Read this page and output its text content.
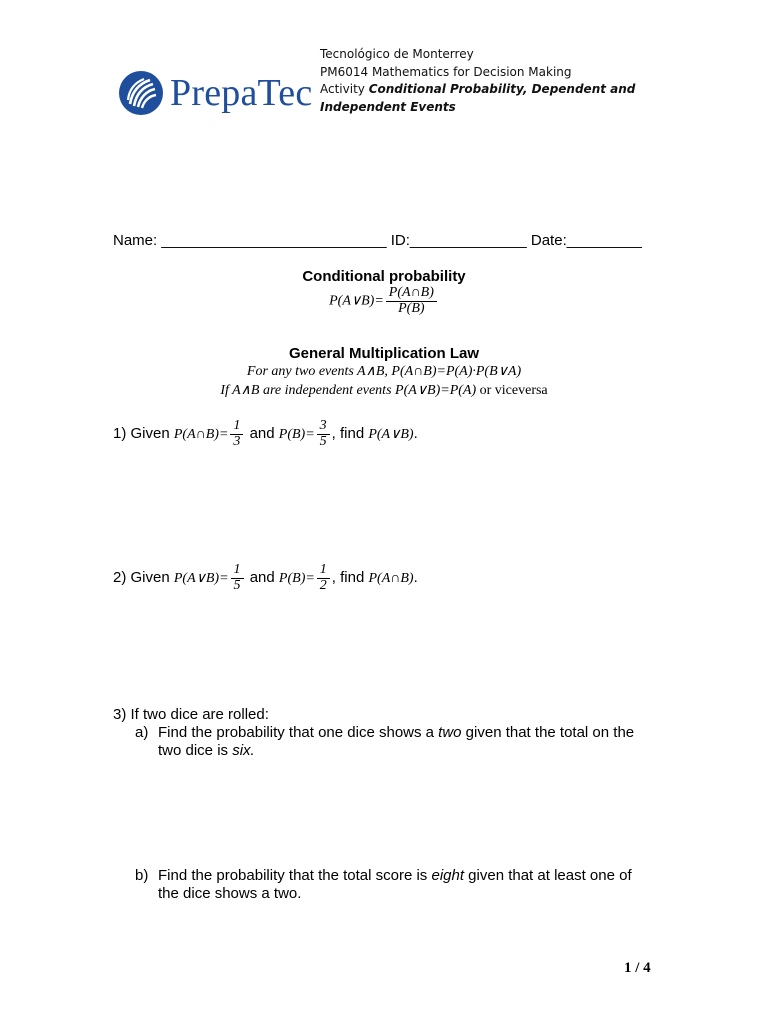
PrepaTec
Tecnológico de Monterrey
PM6014 Mathematics for Decision Making
Activity Conditional Probability, Dependent and
Independent Events
Name: ___________________________ ID:______________ Date:_________
Conditional probability
P(A∨B)= $\frac{P(A\cap B)}{P(B)}$
General Multiplication Law
For any two events A∧B, P(A∩B)=P(A)·P(B∨A)
If A∧B are independent events P(A∨B)=P(A) or viceversa
1) Given P(A∩B)= $\frac{1}{3}$ and $P(B)= \frac{3}{5}$ , find P(A∨B).
2) Given P(A∨B)= $\frac{1}{5}$ and $P(B)= \frac{1}{2}$ , find P(A∩B).
3) If two dice are rolled:
a) Find the probability that one dice shows a two given that the total on the two dice is six.
b) Find the probability that the total score is eight given that at least one of the dice shows a two.
1 / 4
